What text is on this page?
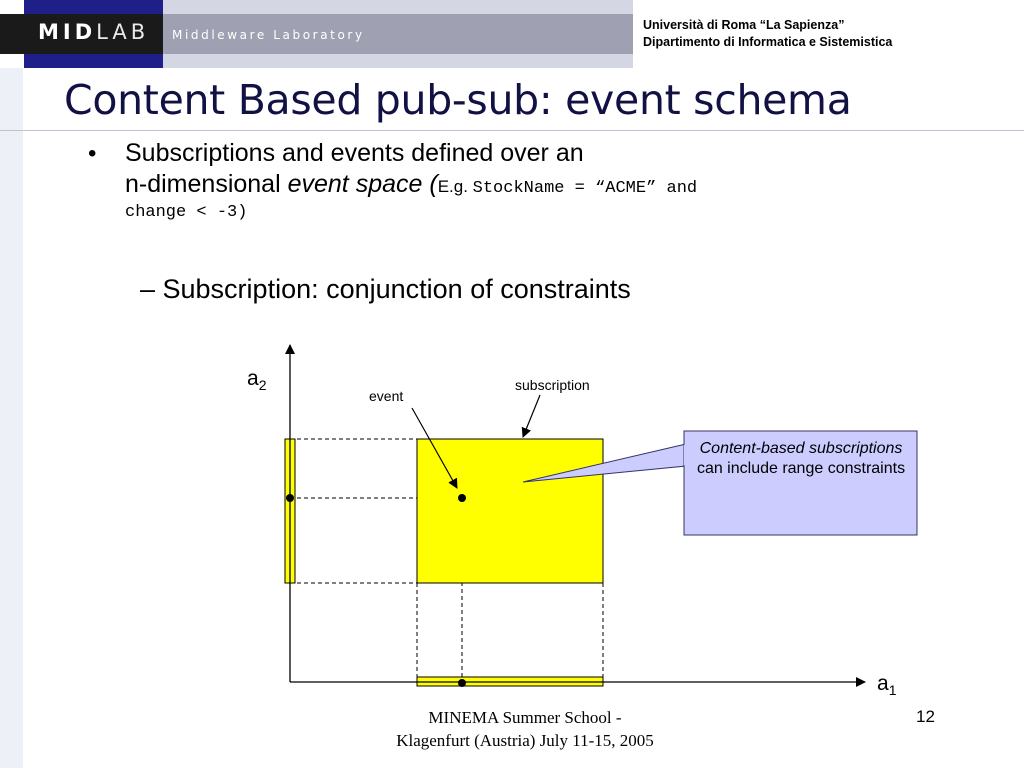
MIDLAB Middleware Laboratory
Università di Roma “La Sapienza”
Dipartimento di Informatica e Sistemistica
Content Based pub-sub: event schema
• Subscriptions and events defined over an
n-dimensional event space (E.g. StockName = “ACME” and
change < -3)
– Subscription: conjunction of constraints
$a_2$
$a_1$
event
subscription
Content-based subscriptions can include range constraints
MINEMA Summer School -
Klagenfurt (Austria) July 11-15, 2005
12
